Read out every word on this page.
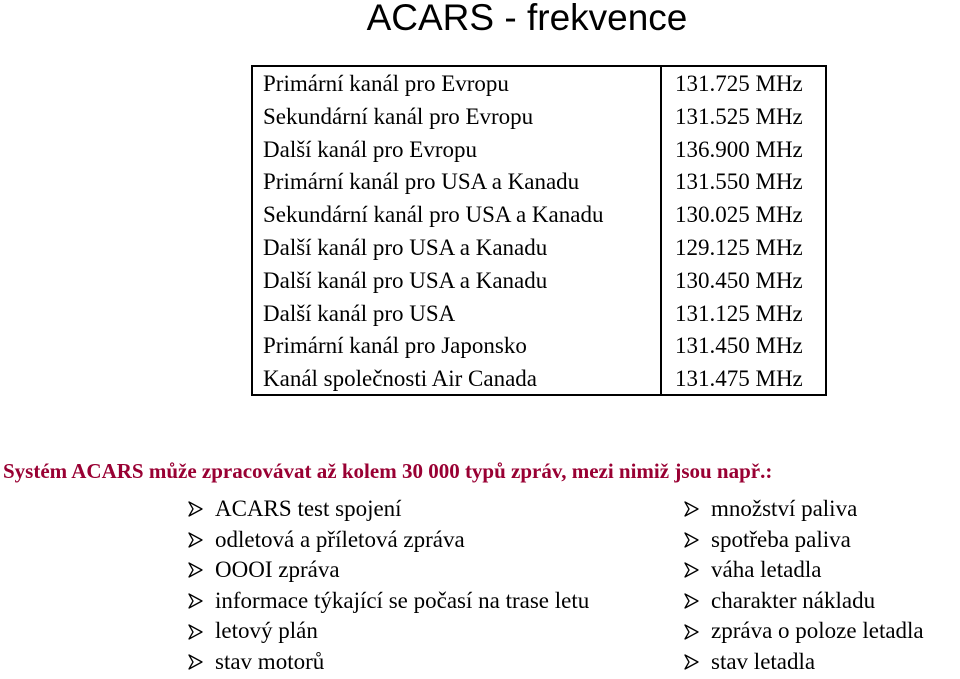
ACARS - frekvence
Primární kanál pro Evropu
Sekundární kanál pro Evropu
Další kanál pro Evropu
Primární kanál pro USA a Kanadu
Sekundární kanál pro USA a Kanadu
Další kanál pro USA a Kanadu
Další kanál pro USA a Kanadu
Další kanál pro USA
Primární kanál pro Japonsko
Kanál společnosti Air Canada
131.725 MHz
131.525 MHz
136.900 MHz
131.550 MHz
130.025 MHz
129.125 MHz
130.450 MHz
131.125 MHz
131.450 MHz
131.475 MHz
Systém ACARS může zpracovávat až kolem 30 000 typů zpráv, mezi nimiž jsou např.:
ACARS test spojení
odletová a příletová zpráva
OOOI zpráva
informace týkající se počasí na trase letu
letový plán
stav motorů
množství paliva
spotřeba paliva
váha letadla
charakter nákladu
zpráva o poloze letadla
stav letadla
